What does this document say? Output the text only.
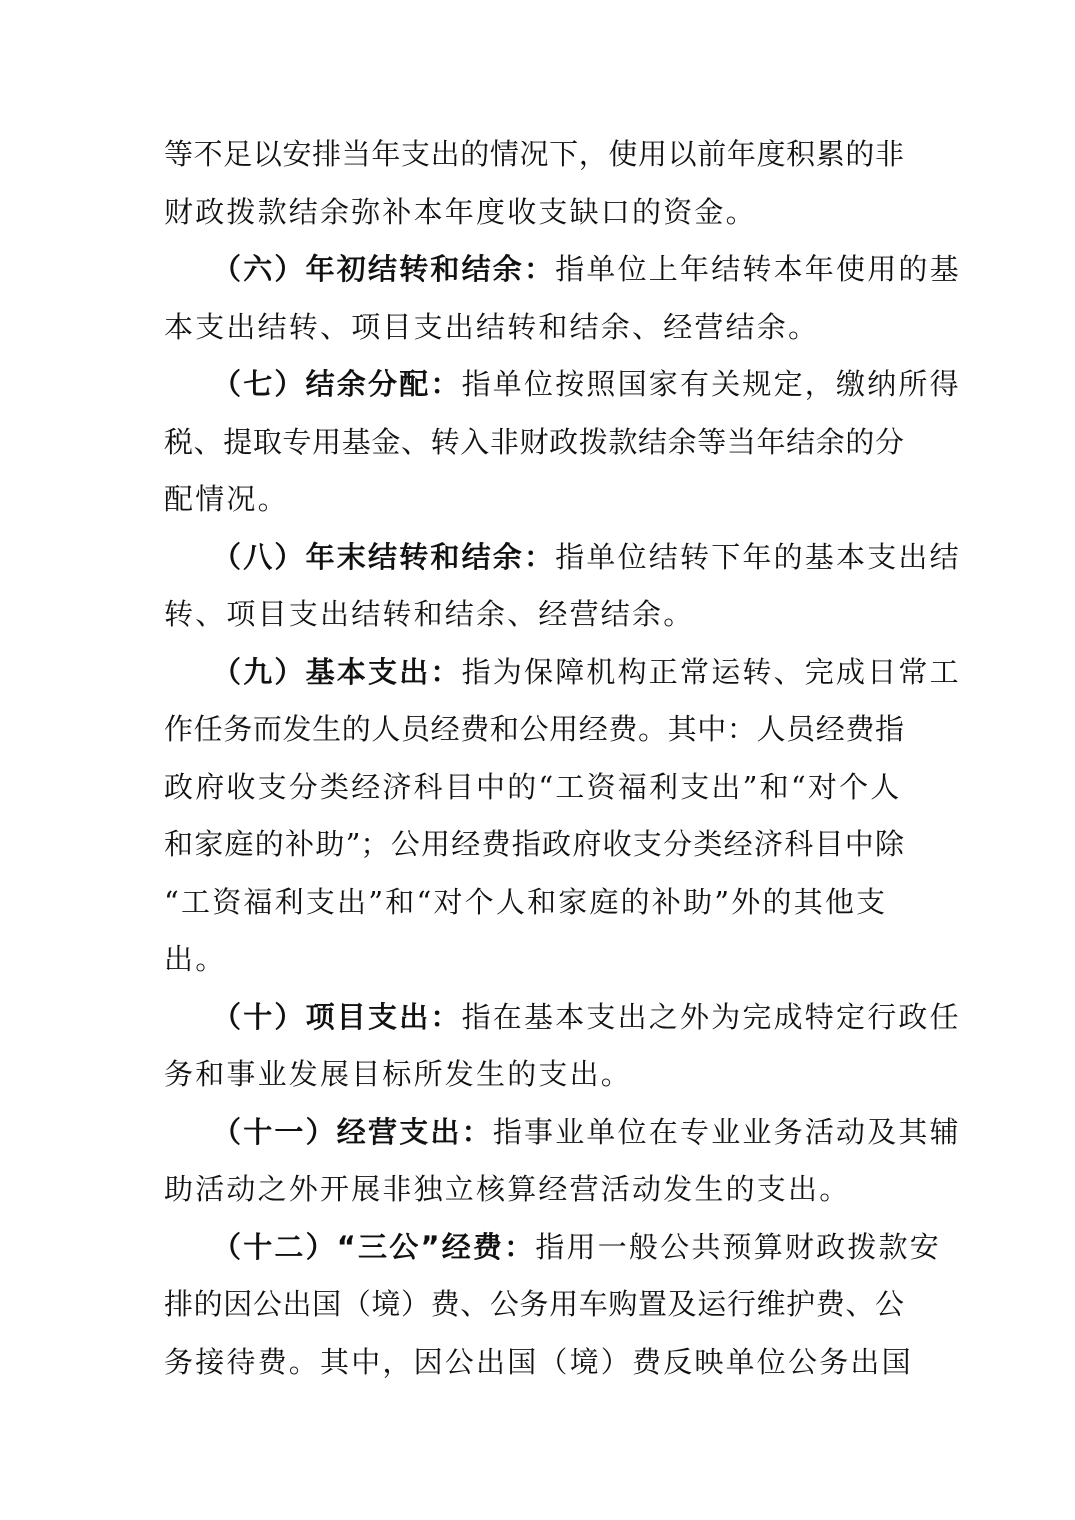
等不足以安排当年支出的情况下，使用以前年度积累的非
财政拨款结余弥补本年度收支缺口的资金。
（六）年初结转和结余：指单位上年结转本年使用的基
本支出结转、项目支出结转和结余、经营结余。
（七）结余分配：指单位按照国家有关规定，缴纳所得
税、提取专用基金、转入非财政拨款结余等当年结余的分
配情况。
（八）年末结转和结余：指单位结转下年的基本支出结
转、项目支出结转和结余、经营结余。
（九）基本支出：指为保障机构正常运转、完成日常工
作任务而发生的人员经费和公用经费。其中：人员经费指
政府收支分类经济科目中的“工资福利支出”和“对个人
和家庭的补助”；公用经费指政府收支分类经济科目中除
“工资福利支出”和“对个人和家庭的补助”外的其他支
出。
（十）项目支出：指在基本支出之外为完成特定行政任
务和事业发展目标所发生的支出。
（十一）经营支出：指事业单位在专业业务活动及其辅
助活动之外开展非独立核算经营活动发生的支出。
（十二）“三公”经费：指用一般公共预算财政拨款安
排的因公出国（境）费、公务用车购置及运行维护费、公
务接待费。其中，因公出国（境）费反映单位公务出国
